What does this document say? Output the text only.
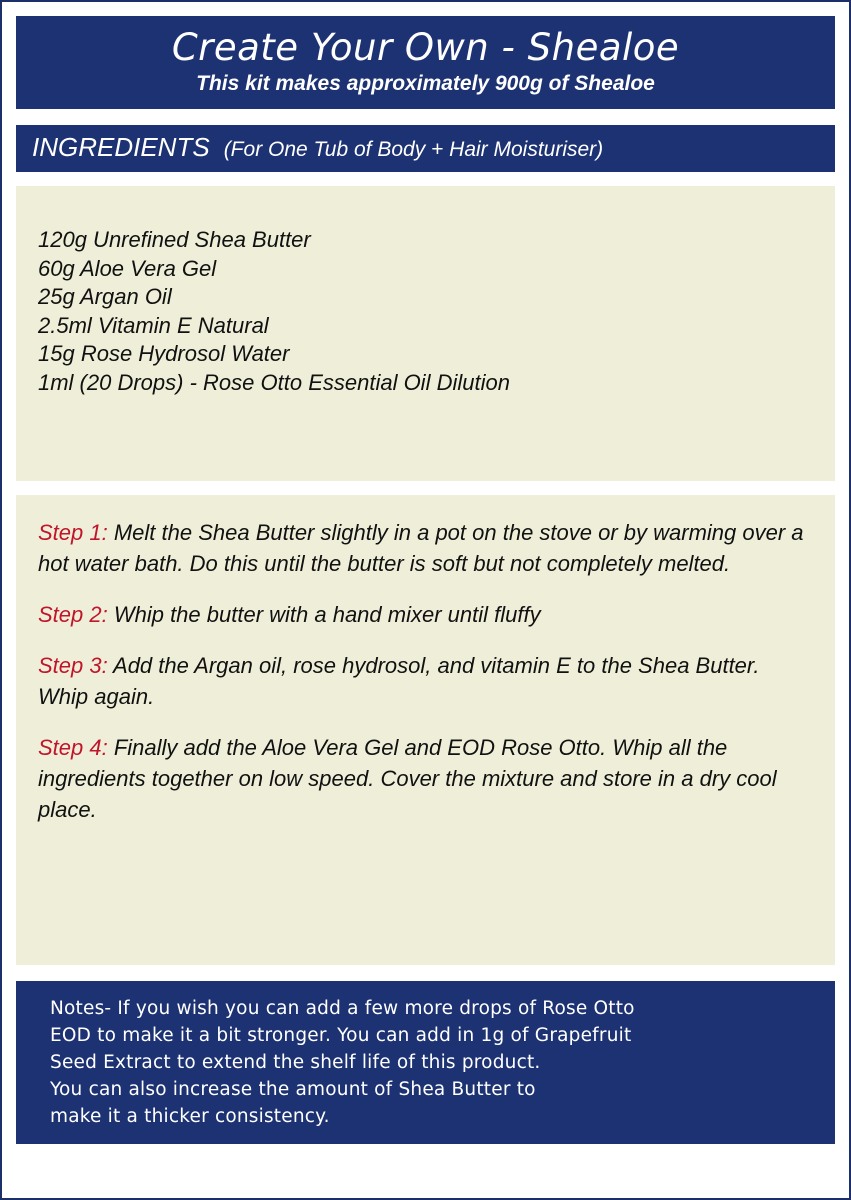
Create Your Own - Shealoe
This kit makes approximately 900g of Shealoe
INGREDIENTS (For One Tub of Body + Hair Moisturiser)
120g Unrefined Shea Butter
60g Aloe Vera Gel
25g Argan Oil
2.5ml Vitamin E Natural
15g Rose Hydrosol Water
1ml (20 Drops) - Rose Otto Essential Oil Dilution
Step 1: Melt the Shea Butter slightly in a pot on the stove or by warming over a hot water bath. Do this until the butter is soft but not completely melted.
Step 2: Whip the butter with a hand mixer until fluffy
Step 3: Add the Argan oil, rose hydrosol, and vitamin E to the Shea Butter. Whip again.
Step 4: Finally add the Aloe Vera Gel and EOD Rose Otto. Whip all the ingredients together on low speed. Cover the mixture and store in a dry cool place.
Notes- If you wish you can add a few more drops of Rose Otto
EOD to make it a bit stronger. You can add in 1g of Grapefruit
Seed Extract to extend the shelf life of this product.
You can also increase the amount of Shea Butter to
make it a thicker consistency.
